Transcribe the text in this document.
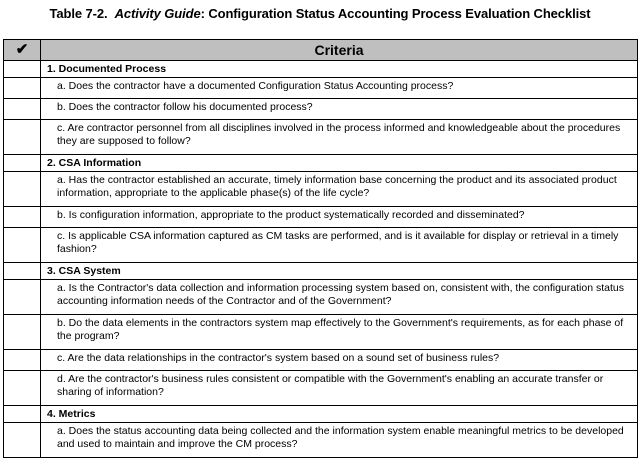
Table 7-2. Activity Guide: Configuration Status Accounting Process Evaluation Checklist
✔	Criteria
	1. Documented Process
	a. Does the contractor have a documented Configuration Status Accounting process?
	b. Does the contractor follow his documented process?
	c. Are contractor personnel from all disciplines involved in the process informed and knowledgeable about the procedures they are supposed to follow?
	2. CSA Information
	a. Has the contractor established an accurate, timely information base concerning the product and its associated product information, appropriate to the applicable phase(s) of the life cycle?
	b. Is configuration information, appropriate to the product systematically recorded and disseminated?
	c. Is applicable CSA information captured as CM tasks are performed, and is it available for display or retrieval in a timely fashion?
	3. CSA System
	a. Is the Contractor's data collection and information processing system based on, consistent with, the configuration status accounting information needs of the Contractor and of the Government?
	b. Do the data elements in the contractors system map effectively to the Government's requirements, as for each phase of the program?
	c. Are the data relationships in the contractor's system based on a sound set of business rules?
	d. Are the contractor's business rules consistent or compatible with the Government's enabling an accurate transfer or sharing of information?
	4. Metrics
	a. Does the status accounting data being collected and the information system enable meaningful metrics to be developed and used to maintain and improve the CM process?
